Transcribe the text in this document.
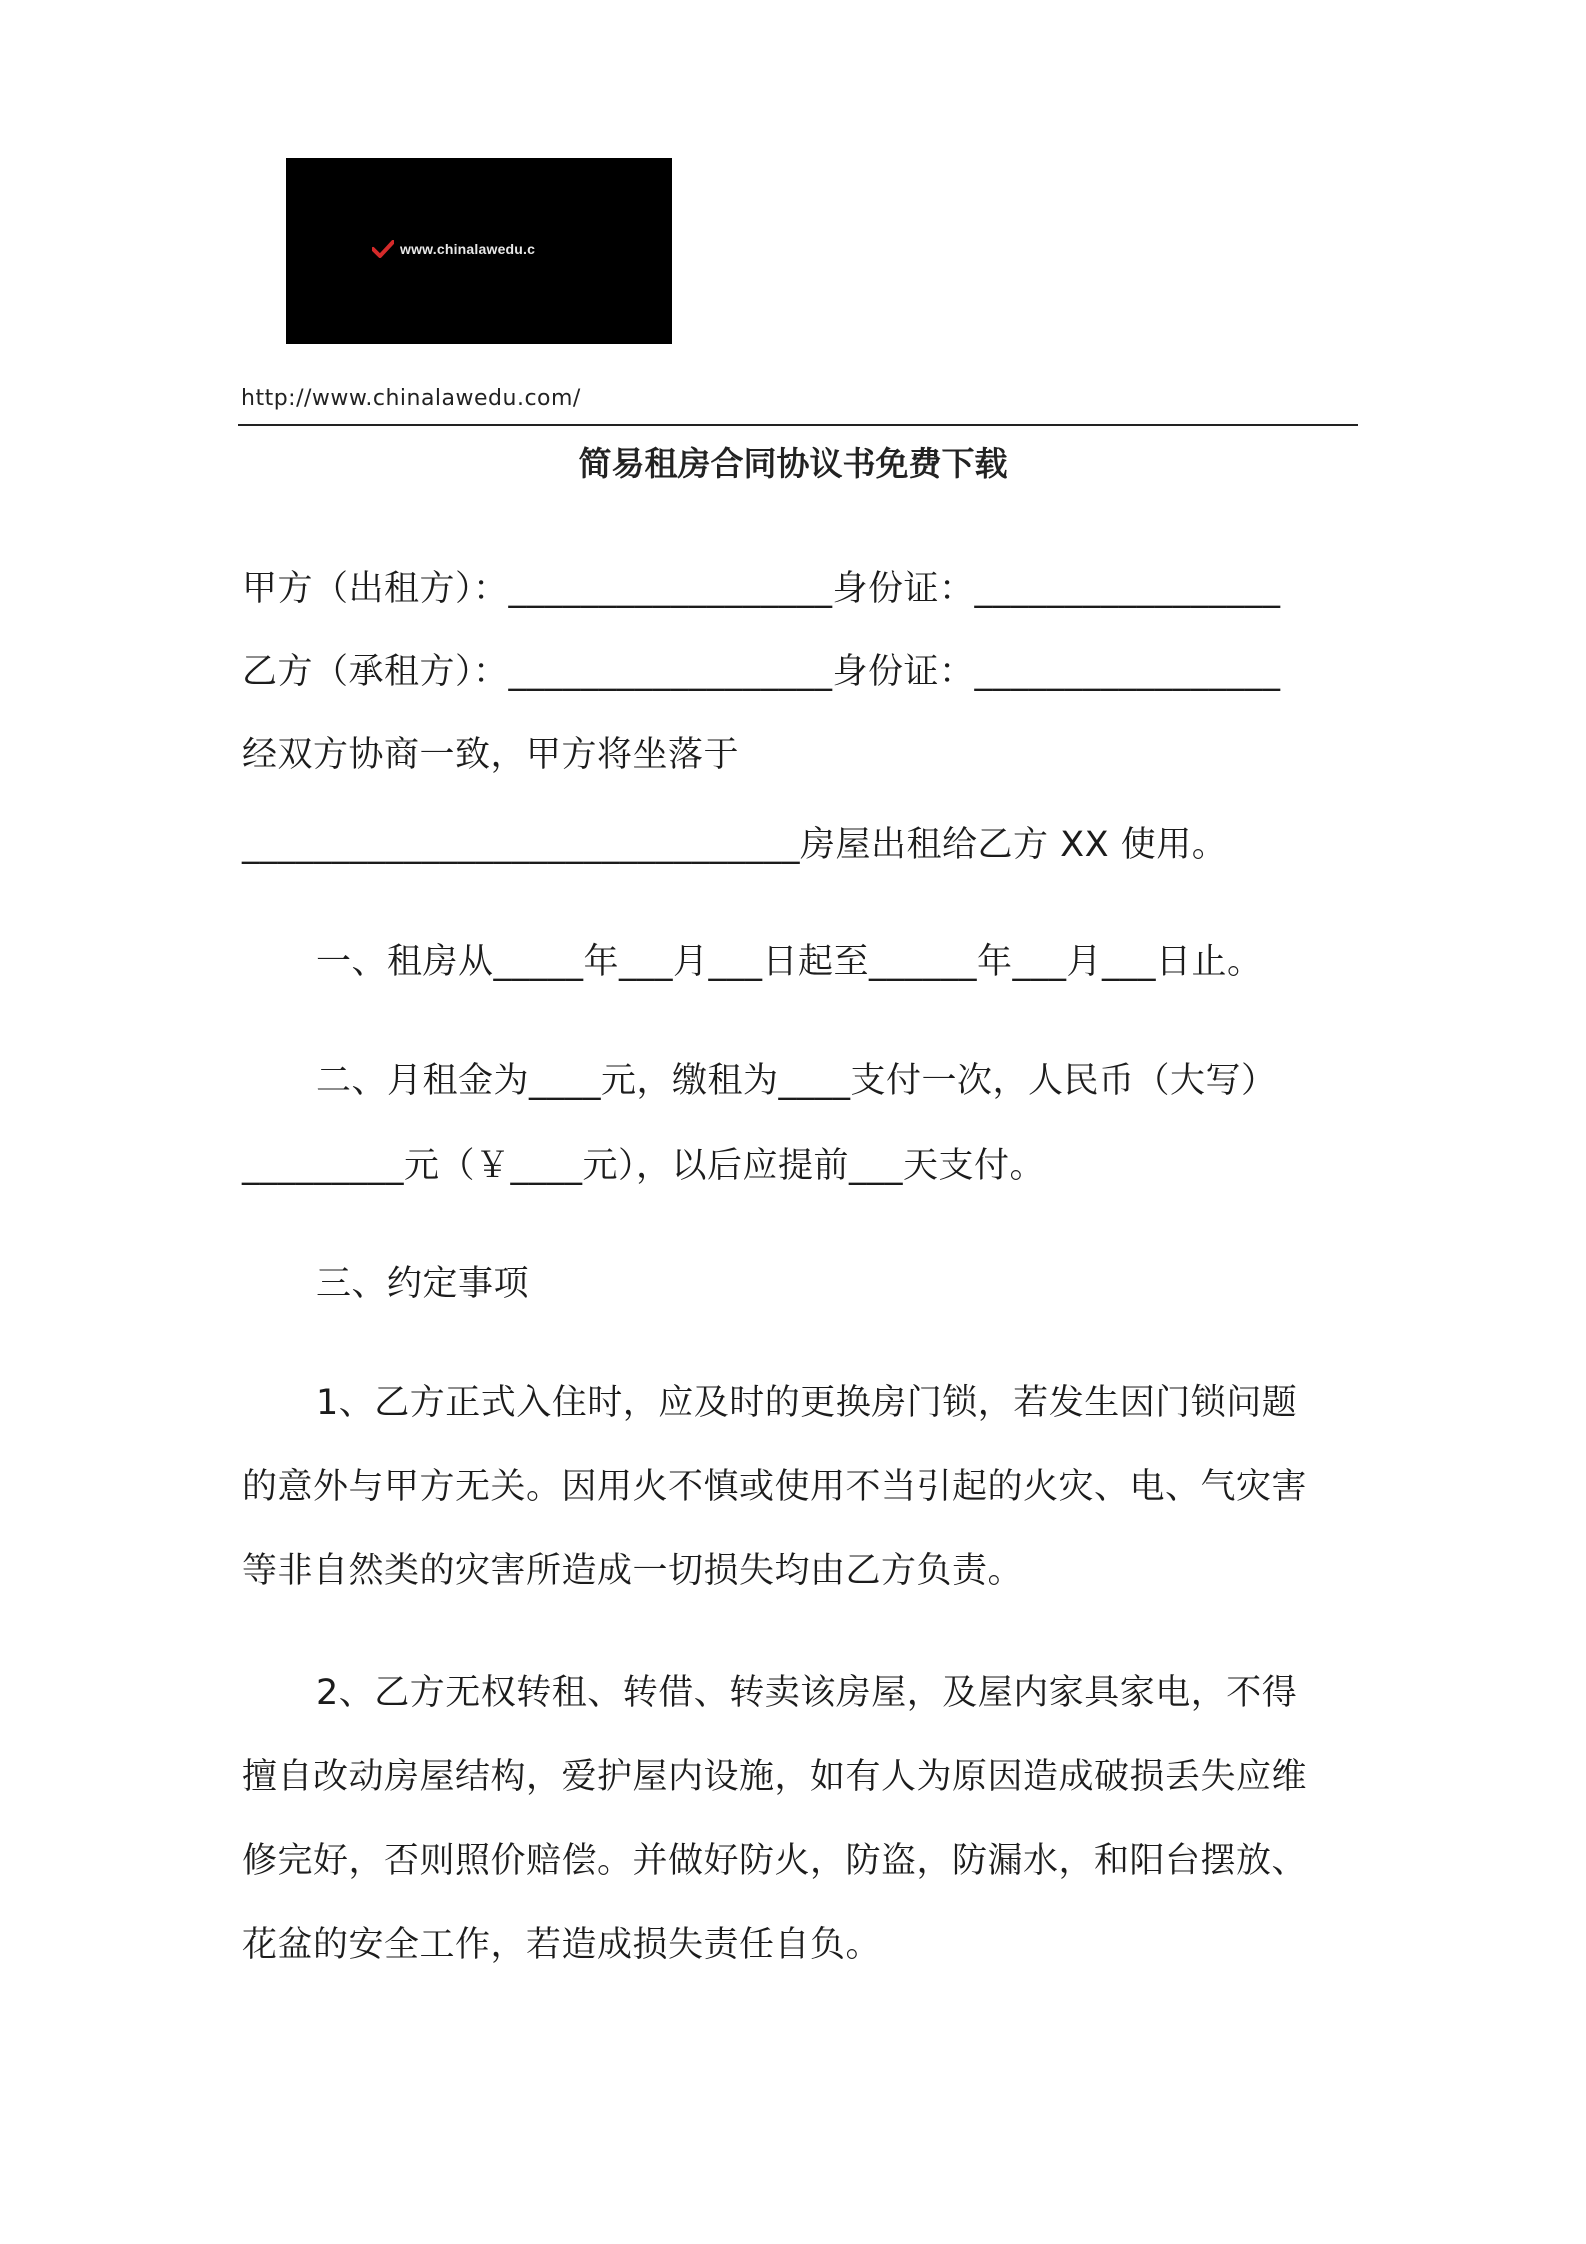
www.chinalawedu.c
http://www.chinalawedu.com/
简易租房合同协议书免费下载
甲方（出租方）：__________________身份证：_________________
乙方（承租方）：__________________身份证：_________________
经双方协商一致，甲方将坐落于
_______________________________房屋出租给乙方 XX 使用。
一、租房从_____年___月___日起至______年___月___日止。
二、月租金为____元，缴租为____支付一次，人民币（大写）
_________元（￥____元），以后应提前___天支付。
三、约定事项
1、乙方正式入住时，应及时的更换房门锁，若发生因门锁问题
的意外与甲方无关。因用火不慎或使用不当引起的火灾、电、气灾害
等非自然类的灾害所造成一切损失均由乙方负责。
2、乙方无权转租、转借、转卖该房屋，及屋内家具家电，不得
擅自改动房屋结构，爱护屋内设施，如有人为原因造成破损丢失应维
修完好，否则照价赔偿。并做好防火，防盗，防漏水，和阳台摆放、
花盆的安全工作，若造成损失责任自负。
